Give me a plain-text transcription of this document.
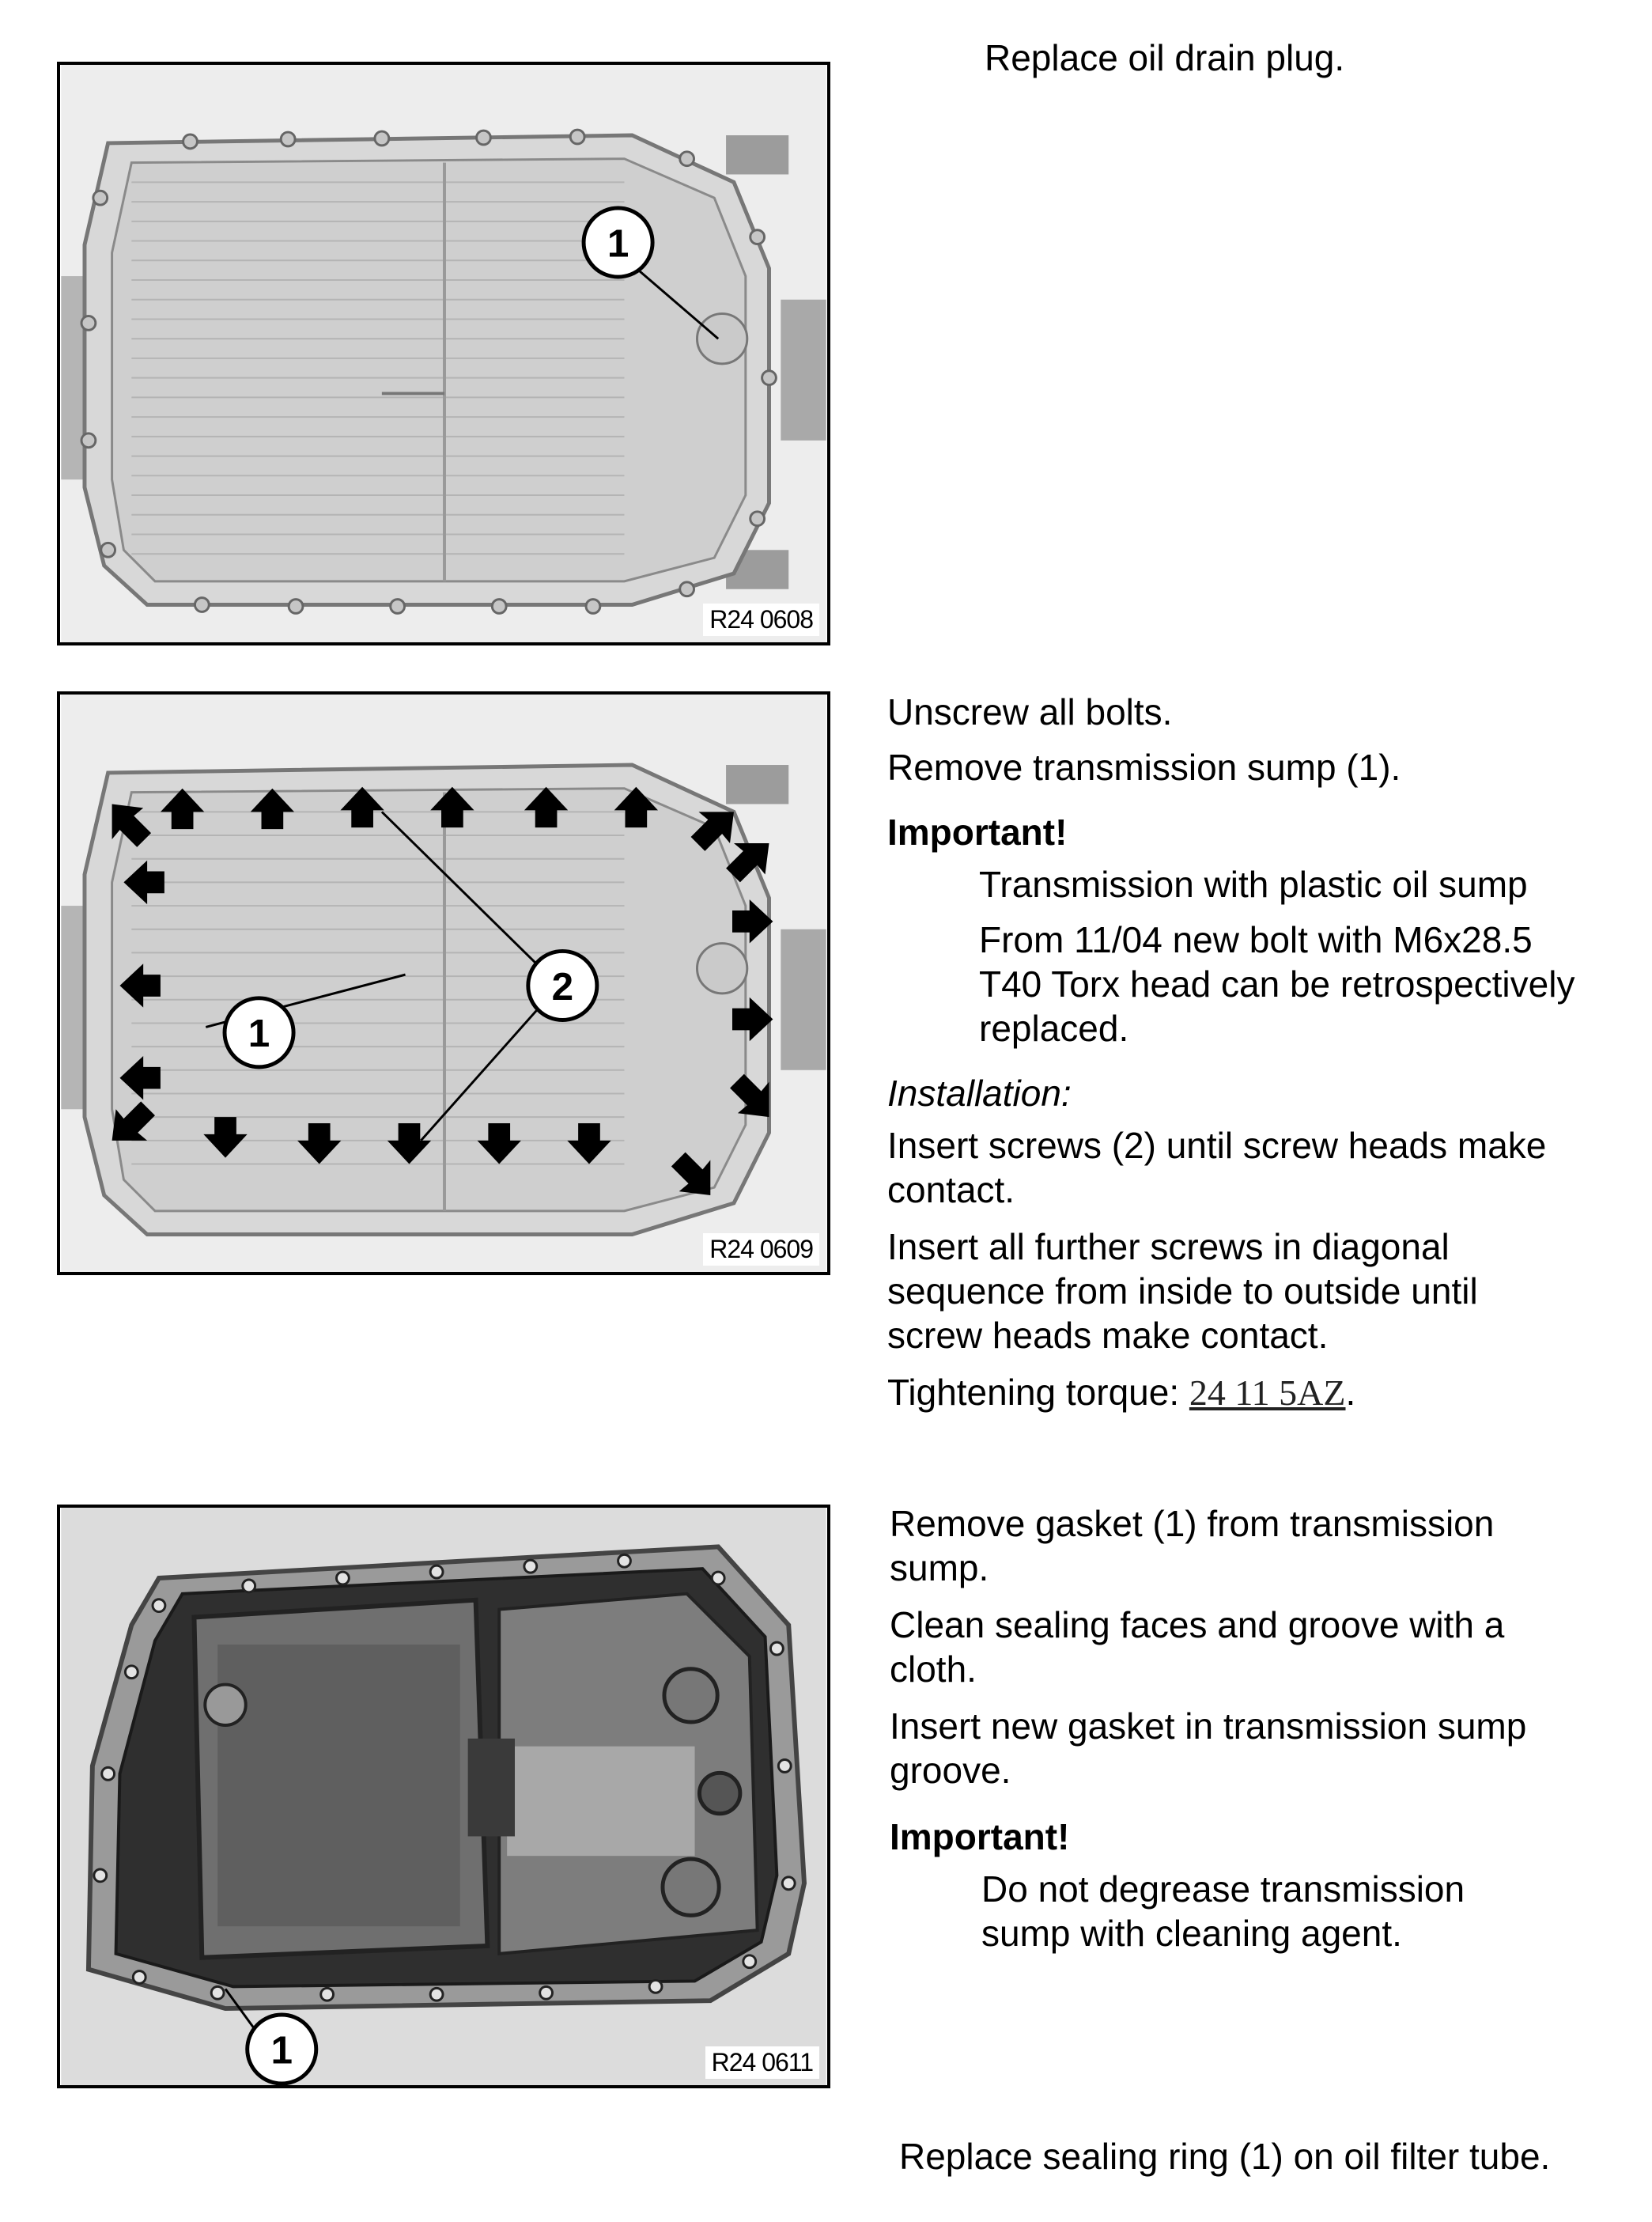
1
R24 0608
Replace oil drain plug.
1
2
R24 0609
Unscrew all bolts.
Remove transmission sump (1).
Important!
Transmission with plastic oil sump
From 11/04 new bolt with M6x28.5 T40 Torx head can be retrospectively replaced.
Installation:
Insert screws (2) until screw heads make contact.
Insert all further screws in diagonal sequence from inside to outside until screw heads make contact.
Tightening torque: 24 11 5AZ.
1	R24 0611
Remove gasket (1) from transmission sump.
Clean sealing faces and groove with a cloth.
Insert new gasket in transmission sump groove.
Important!
Do not degrease transmission sump with cleaning agent.
Replace sealing ring (1) on oil filter tube.
